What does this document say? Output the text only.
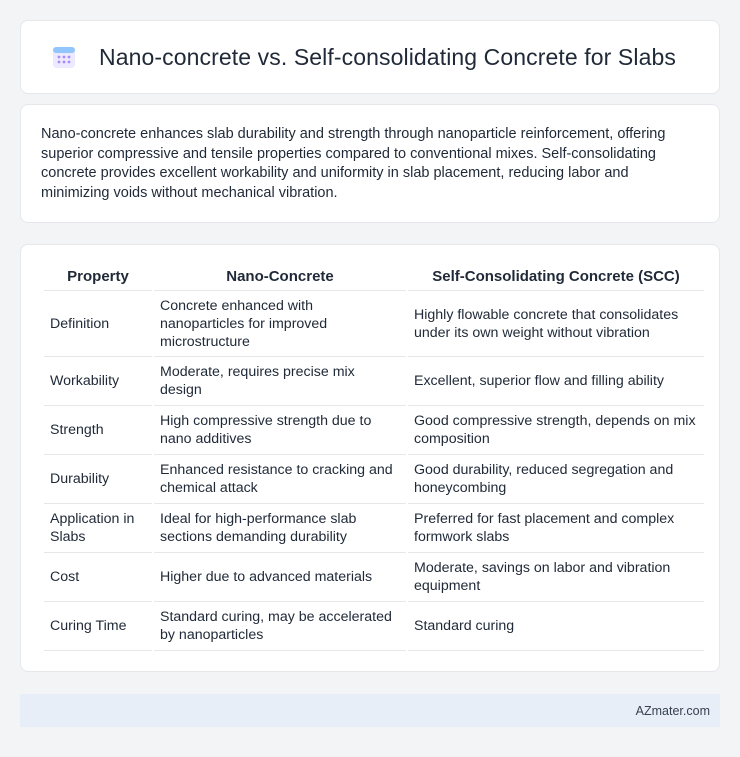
Nano-concrete vs. Self-consolidating Concrete for Slabs

Nano-concrete enhances slab durability and strength through nanoparticle reinforcement, offering superior compressive and tensile properties compared to conventional mixes. Self-consolidating concrete provides excellent workability and uniformity in slab placement, reducing labor and minimizing voids without mechanical vibration.

Property	Nano-Concrete	Self-Consolidating Concrete (SCC)
Definition	Concrete enhanced with nanoparticles for improved microstructure	Highly flowable concrete that consolidates under its own weight without vibration
Workability	Moderate, requires precise mix design	Excellent, superior flow and filling ability
Strength	High compressive strength due to nano additives	Good compressive strength, depends on mix composition
Durability	Enhanced resistance to cracking and chemical attack	Good durability, reduced segregation and honeycombing
Application in Slabs	Ideal for high-performance slab sections demanding durability	Preferred for fast placement and complex formwork slabs
Cost	Higher due to advanced materials	Moderate, savings on labor and vibration equipment
Curing Time	Standard curing, may be accelerated by nanoparticles	Standard curing
AZmater.com
